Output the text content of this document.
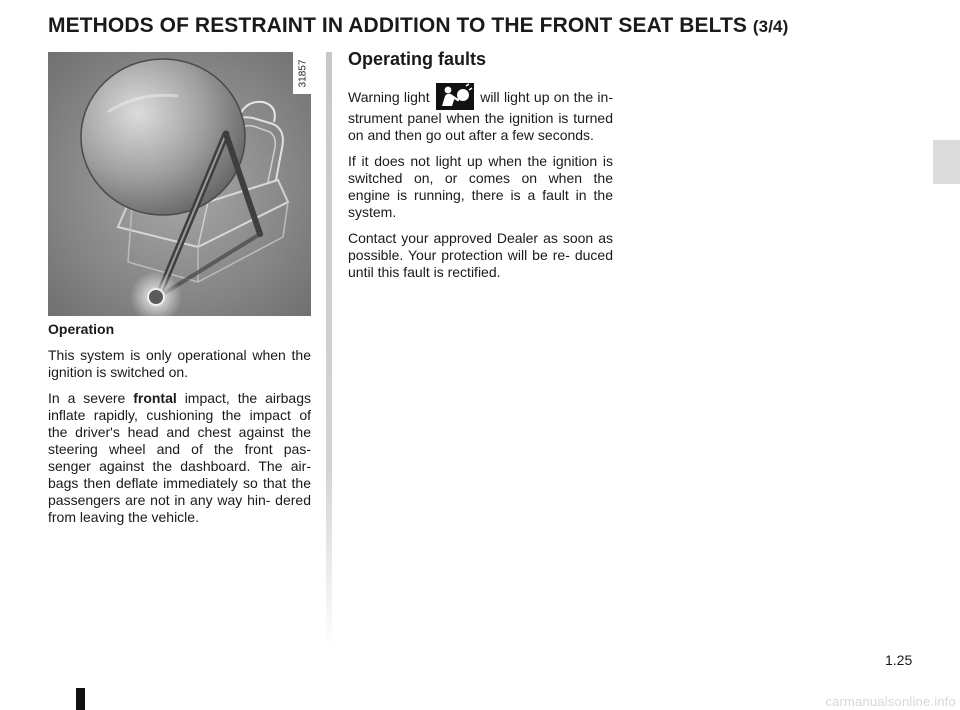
METHODS OF RESTRAINT IN ADDITION TO THE FRONT SEAT BELTS (3/4)
31857
Operation

This system is only operational when the ignition is switched on.

In a severe frontal impact, the airbags inflate rapidly, cushioning the impact of the driver's head and chest against the steering wheel and of the front pas- senger against the dashboard. The air- bags then deflate immediately so that the passengers are not in any way hin- dered from leaving the vehicle.

Operating faults

Warning light	will light up on the in- strument panel when the ignition is turned on and then go out after a few seconds.

If it does not light up when the ignition is switched on, or comes on when the engine is running, there is a fault in the system.

Contact your approved Dealer as soon as possible. Your protection will be re- duced until this fault is rectified.

1.25
carmanualsonline.info
